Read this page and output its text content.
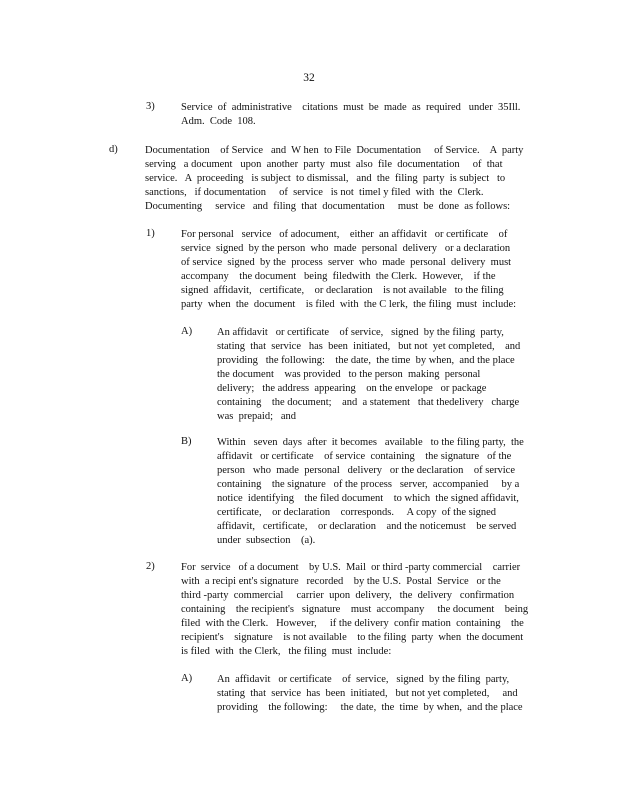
32
3)	Service  of  administrative    citations  must  be  made  as  required   under  35Ill.
Adm.  Code  108.
d)	Documentation    of Service   and  W hen  to File  Documentation     of Service.    A  party
serving   a document   upon  another  party  must  also  file  documentation     of  that
service.   A  proceeding   is subject  to dismissal,   and  the  filing  party  is subject   to
sanctions,   if documentation     of  service   is not  timel y filed  with  the  Clerk.
Documenting     service   and  filing  that  documentation     must  be  done  as follows:
1)	For personal   service   of adocument,    either  an affidavit   or certificate    of
service  signed  by the person  who  made  personal  delivery   or a declaration
of service  signed  by the  process  server  who  made  personal  delivery  must
accompany    the document   being  filedwith  the Clerk.  However,    if the
signed  affidavit,   certificate,    or declaration    is not available   to the filing
party  when  the  document    is filed  with  the C lerk,  the filing  must  include:
A) An affidavit   or certificate    of service,   signed  by the filing  party,
stating  that  service   has  been  initiated,   but not  yet completed,    and
providing   the following:    the date,  the time  by when,  and the place
the document    was provided   to the person  making  personal
delivery;   the address  appearing    on the envelope   or package
containing    the document;    and  a statement   that thedelivery   charge
was  prepaid;   and
B) Within   seven  days  after  it becomes   available   to the filing party,  the
affidavit   or certificate    of service  containing    the signature   of the
person   who  made  personal   delivery   or the declaration    of service
containing    the signature   of the process   server,  accompanied     by a
notice  identifying    the filed document    to which  the signed affidavit,
certificate,    or declaration    corresponds.     A copy  of the signed
affidavit,   certificate,    or declaration    and the noticemust    be served
under  subsection    (a).
2)	For  service   of a document    by U.S.  Mail  or third -party commercial    carrier
with  a recipi ent's signature   recorded    by the U.S.  Postal  Service   or the
third -party  commercial     carrier  upon  delivery,   the  delivery   confirmation
containing    the recipient's   signature    must  accompany     the document    being
filed  with the Clerk.   However,     if the delivery  confir mation  containing    the
recipient's    signature    is not available    to the filing  party  when  the document
is filed  with  the Clerk,   the filing  must  include:
A) An  affidavit   or certificate    of  service,   signed  by the filing  party,
stating  that  service  has  been  initiated,   but not yet completed,     and
providing    the following:     the date,  the  time  by when,  and the place
